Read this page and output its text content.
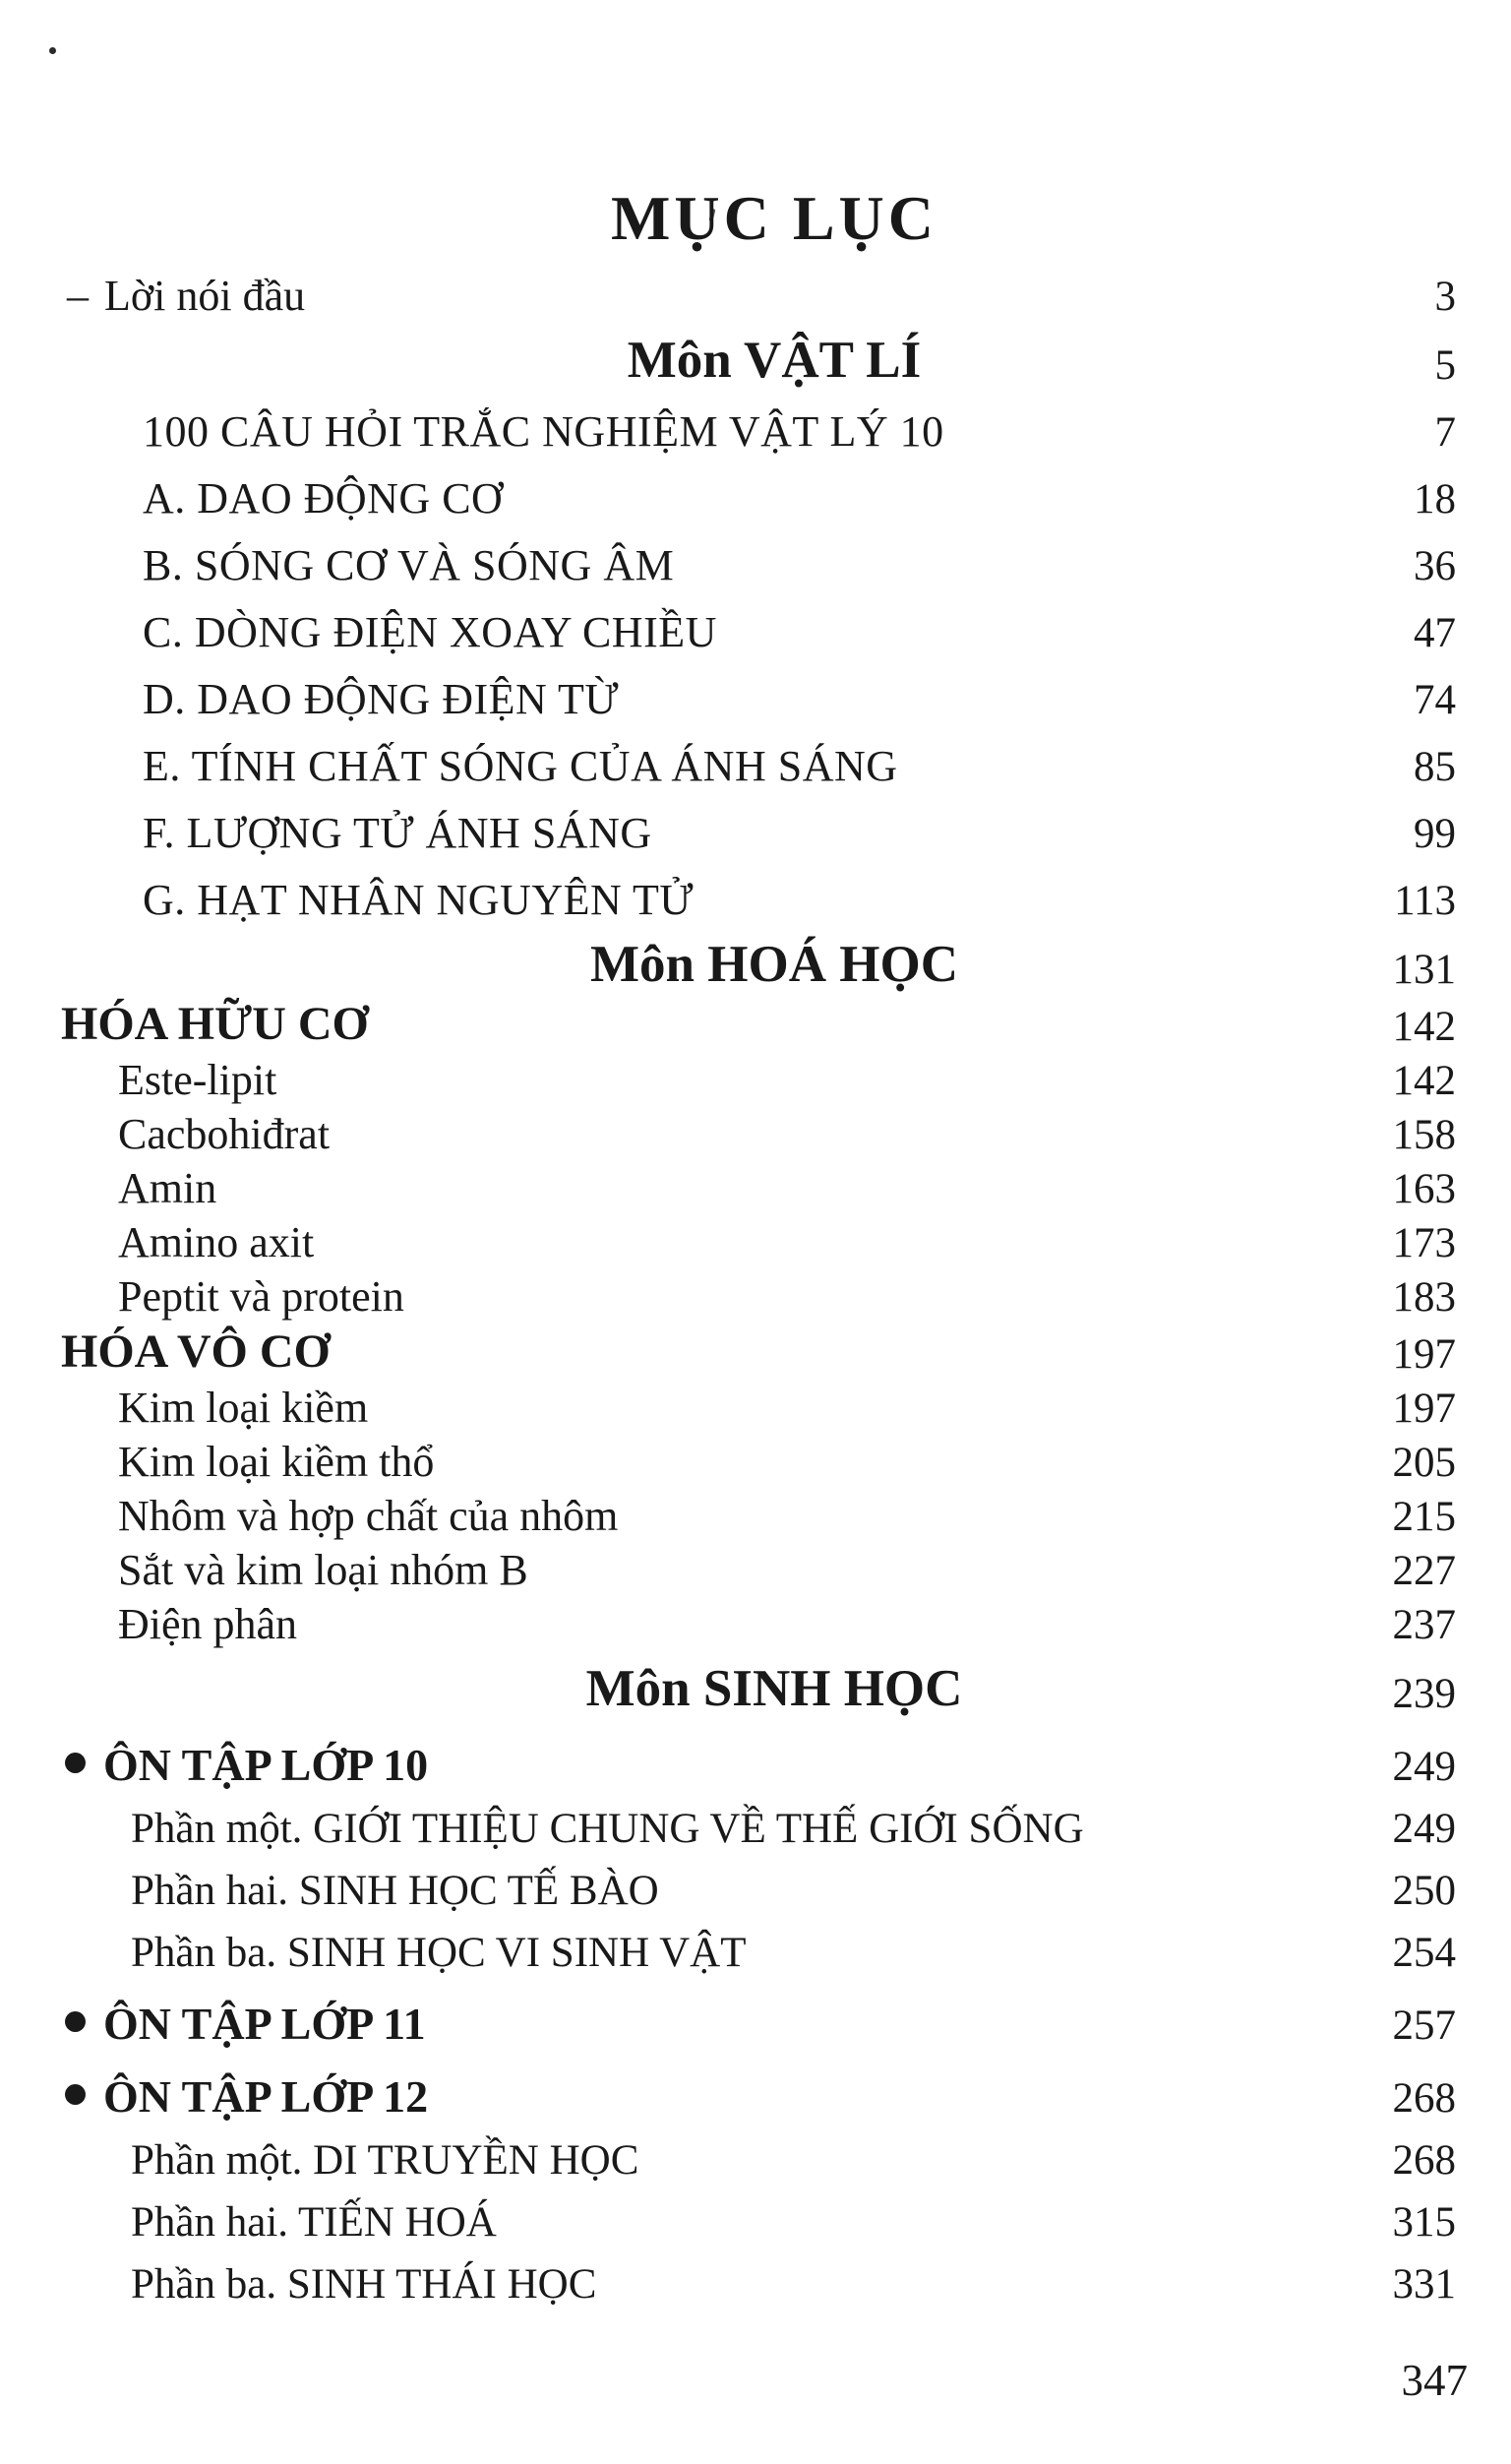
MỤC LỤC
– Lời nói đầu	3
Môn VẬT LÍ	5
100 CÂU HỎI TRẮC NGHIỆM VẬT LÝ 10	7
A. DAO ĐỘNG CƠ	18
B. SÓNG CƠ VÀ SÓNG ÂM	36
C. DÒNG ĐIỆN XOAY CHIỀU	47
D. DAO ĐỘNG ĐIỆN TỪ	74
E. TÍNH CHẤT SÓNG CỦA ÁNH SÁNG	85
F. LƯỢNG TỬ ÁNH SÁNG	99
G. HẠT NHÂN NGUYÊN TỬ	113
Môn HOÁ HỌC	131
HÓA HỮU CƠ	142
Este-lipit	142
Cacbohiđrat	158
Amin	163
Amino axit	173
Peptit và protein	183
HÓA VÔ CƠ	197
Kim loại kiềm	197
Kim loại kiềm thổ	205
Nhôm và hợp chất của nhôm	215
Sắt và kim loại nhóm B	227
Điện phân	237
Môn SINH HỌC	239
ÔN TẬP LỚP 10	249
Phần một. GIỚI THIỆU CHUNG VỀ THẾ GIỚI SỐNG	249
Phần hai. SINH HỌC TẾ BÀO	250
Phần ba. SINH HỌC VI SINH VẬT	254
ÔN TẬP LỚP 11	257
ÔN TẬP LỚP 12	268
Phần một. DI TRUYỀN HỌC	268
Phần hai. TIẾN HOÁ	315
Phần ba. SINH THÁI HỌC	331
347
